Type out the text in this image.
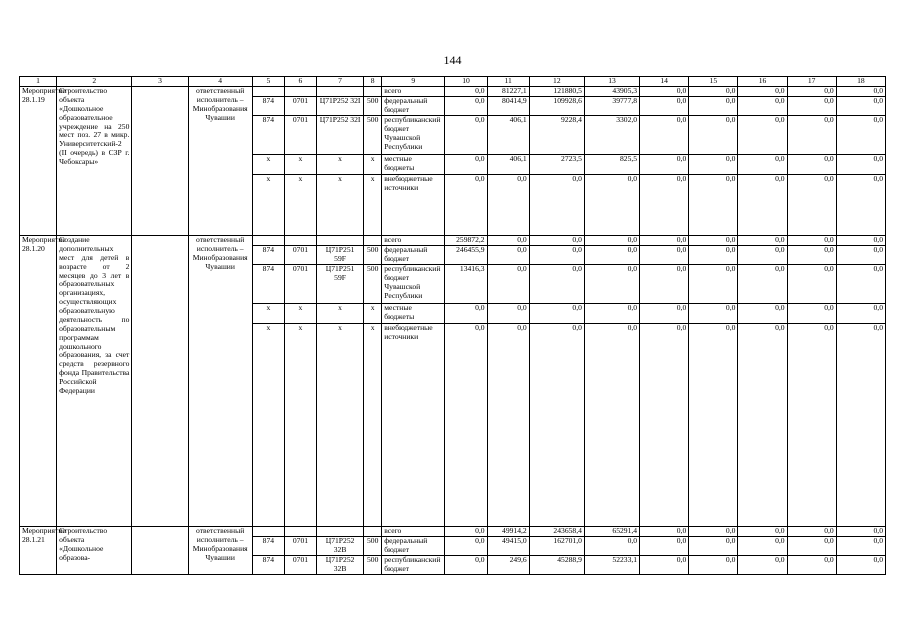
144
1	2	3	4	5	6	7	8	9	10	11	12	13	14	15	16	17	18
Мероприятие 28.1.19	Строительство объекта «Дошкольное образовательное учреждение на 250 мест поз. 27 в микр. Университетский-2 (II очередь) в СЗР г. Чебоксары»		ответственный исполнитель – Минобразования Чувашии					всего	0,0	81227,1	121880,5	43905,3	0,0	0,0	0,0	0,0	0,0
				874	0701	Ц71Р252 32I	500	федеральный бюджет	0,0	80414,9	109928,6	39777,8	0,0	0,0	0,0	0,0	0,0
				874	0701	Ц71Р252 32I	500	республиканский бюджет Чувашской Республики	0,0	406,1	9228,4	3302,0	0,0	0,0	0,0	0,0	0,0
				x	x	x	x	местные бюджеты	0,0	406,1	2723,5	825,5	0,0	0,0	0,0	0,0	0,0
				x	x	x	x	внебюджетные источники	0,0	0,0	0,0	0,0	0,0	0,0	0,0	0,0	0,0
Мероприятие 28.1.20	Создание дополнительных мест для детей в возрасте от 2 месяцев до 3 лет в образовательных организациях, осуществляющих образовательную деятельность по образовательным программам дошкольного образования, за счет средств резервного фонда Правительства Российской Федерации		ответственный исполнитель – Минобразования Чувашии					всего	259872,2	0,0	0,0	0,0	0,0	0,0	0,0	0,0	0,0
				874	0701	Ц71Р251 59F	500	федеральный бюджет	246455,9	0,0	0,0	0,0	0,0	0,0	0,0	0,0	0,0
				874	0701	Ц71Р251 59F	500	республиканский бюджет Чувашской Республики	13416,3	0,0	0,0	0,0	0,0	0,0	0,0	0,0	0,0
				x	x	x	x	местные бюджеты	0,0	0,0	0,0	0,0	0,0	0,0	0,0	0,0	0,0
				x	x	x	x	внебюджетные источники	0,0	0,0	0,0	0,0	0,0	0,0	0,0	0,0	0,0
Мероприятие 28.1.21	Строительство объекта «Дошкольное образова-		ответственный исполнитель – Минобразования Чувашии					всего	0,0	49914,2	243658,4	65291,4	0,0	0,0	0,0	0,0	0,0
				874	0701	Ц71Р252 32В	500	федеральный бюджет	0,0	49415,0	162701,0	0,0	0,0	0,0	0,0	0,0	0,0
				874	0701	Ц71Р252 32В	500	республиканский бюджет	0,0	249,6	45288,9	52233,1	0,0	0,0	0,0	0,0	0,0
